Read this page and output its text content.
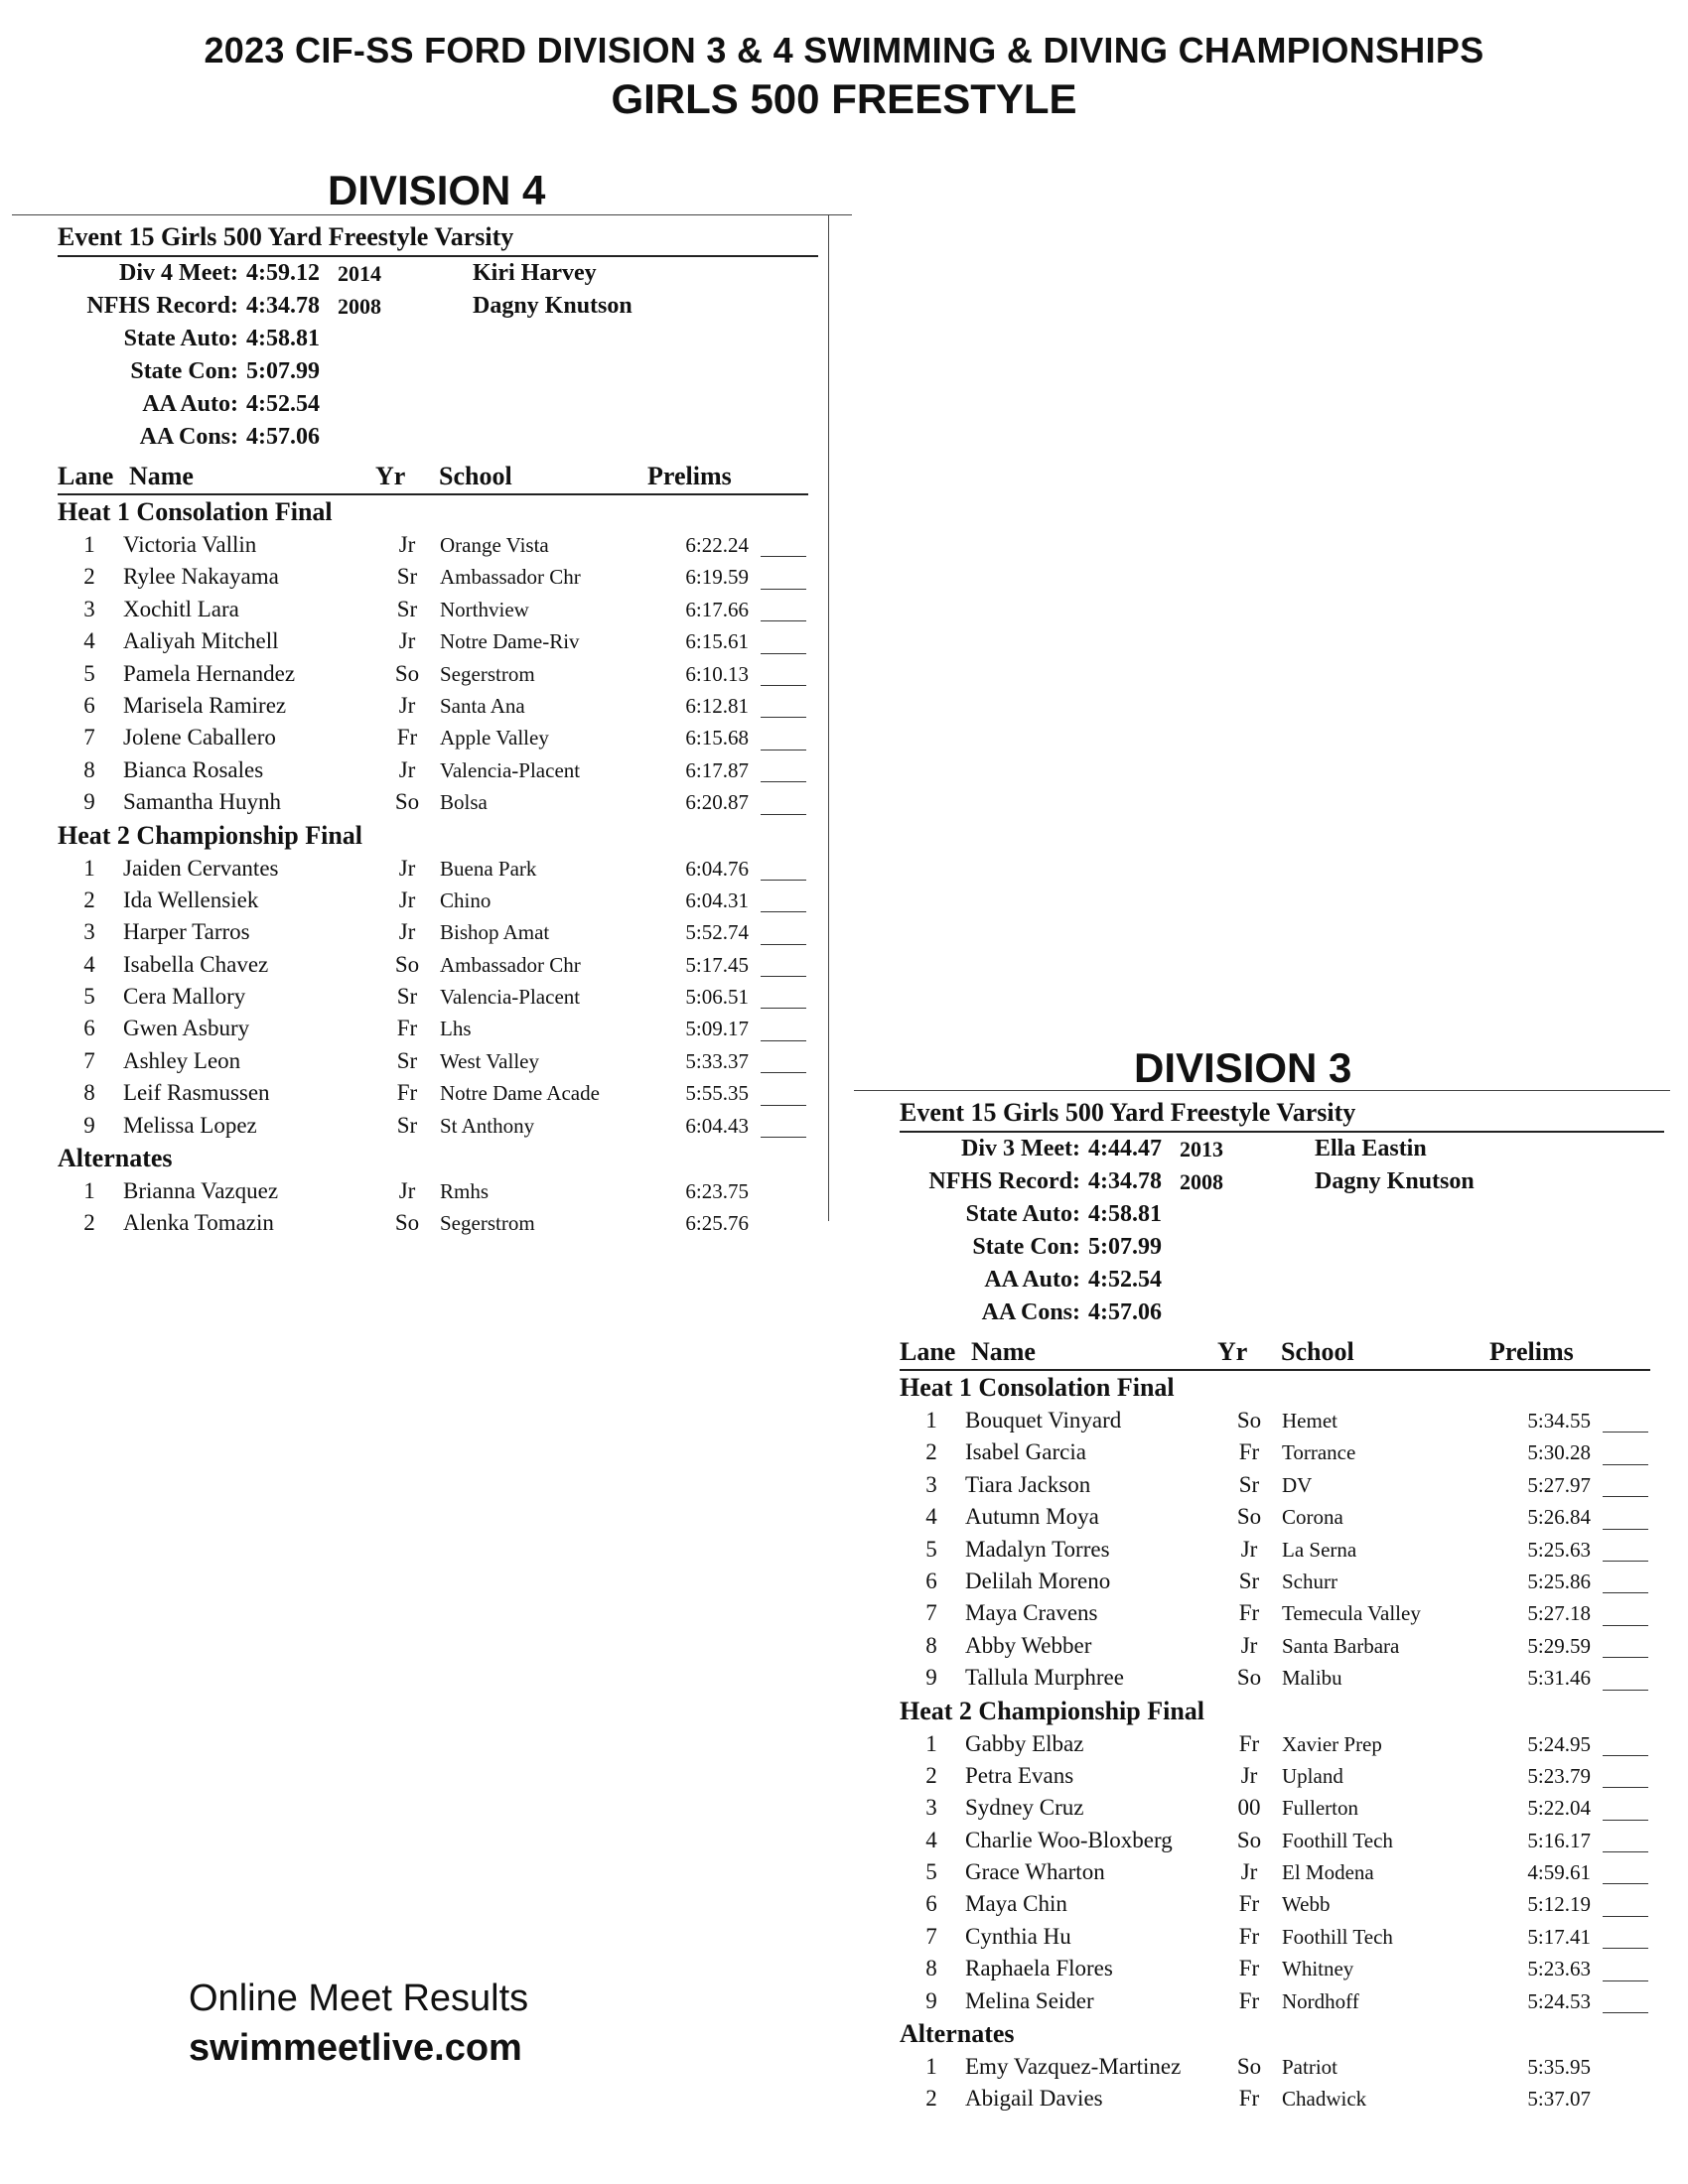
2023 CIF-SS FORD DIVISION 3 & 4 SWIMMING & DIVING CHAMPIONSHIPS
GIRLS 500 FREESTYLE
DIVISION 4
Event 15 Girls 500 Yard Freestyle Varsity
Div 4 Meet: 4:59.12 2014	Kiri Harvey
NFHS Record: 4:34.78 2008	Dagny Knutson
State Auto: 4:58.81
State Con: 5:07.99
AA Auto: 4:52.54
AA Cons: 4:57.06
Lane Name	Yr School	Prelims
Heat 1 Consolation Final
1 Victoria Vallin	Jr	Orange Vista	6:22.24
2 Rylee Nakayama	Sr	Ambassador Chr	6:19.59
3 Xochitl Lara	Sr	Northview	6:17.66
4 Aaliyah Mitchell	Jr	Notre Dame-Riv	6:15.61
5 Pamela Hernandez	So Segerstrom	6:10.13
6 Marisela Ramirez	Jr	Santa Ana	6:12.81
7 Jolene Caballero	Fr	Apple Valley	6:15.68
8 Bianca Rosales	Jr	Valencia-Placent	6:17.87
9 Samantha Huynh	So Bolsa	6:20.87
Heat 2 Championship Final
1 Jaiden Cervantes	Jr	Buena Park	6:04.76
2 Ida Wellensiek	Jr	Chino	6:04.31
3 Harper Tarros	Jr	Bishop Amat	5:52.74
4 Isabella Chavez	So Ambassador Chr	5:17.45
5 Cera Mallory	Sr	Valencia-Placent	5:06.51
6 Gwen Asbury	Fr	Lhs	5:09.17
7 Ashley Leon	Sr	West Valley	5:33.37
8 Leif Rasmussen	Fr	Notre Dame Acade	5:55.35
9 Melissa Lopez	Sr	St Anthony	6:04.43
Alternates
1 Brianna Vazquez	Jr	Rmhs	6:23.75
2 Alenka Tomazin	So Segerstrom	6:25.76
DIVISION 3
Event 15 Girls 500 Yard Freestyle Varsity
Div 3 Meet: 4:44.47 2013	Ella Eastin
NFHS Record: 4:34.78 2008	Dagny Knutson
State Auto: 4:58.81
State Con: 5:07.99
AA Auto: 4:52.54
AA Cons: 4:57.06
Lane Name	Yr School	Prelims
Heat 1 Consolation Final
1 Bouquet Vinyard	So Hemet	5:34.55
2 Isabel Garcia	Fr	Torrance	5:30.28
3 Tiara Jackson	Sr	DV	5:27.97
4 Autumn Moya	So Corona	5:26.84
5 Madalyn Torres	Jr	La Serna	5:25.63
6 Delilah Moreno	Sr	Schurr	5:25.86
7 Maya Cravens	Fr	Temecula Valley	5:27.18
8 Abby Webber	Jr	Santa Barbara	5:29.59
9 Tallula Murphree	So Malibu	5:31.46
Heat 2 Championship Final
1 Gabby Elbaz	Fr	Xavier Prep	5:24.95
2 Petra Evans	Jr	Upland	5:23.79
3 Sydney Cruz	00	Fullerton	5:22.04
4 Charlie Woo-Bloxberg	So Foothill Tech	5:16.17
5 Grace Wharton	Jr	El Modena	4:59.61
6 Maya Chin	Fr	Webb	5:12.19
7 Cynthia Hu	Fr	Foothill Tech	5:17.41
8 Raphaela Flores	Fr	Whitney	5:23.63
9 Melina Seider	Fr	Nordhoff	5:24.53
Alternates
1 Emy Vazquez-Martinez So Patriot	5:35.95
2 Abigail Davies	Fr	Chadwick	5:37.07
Online Meet Results
swimmeetlive.com
